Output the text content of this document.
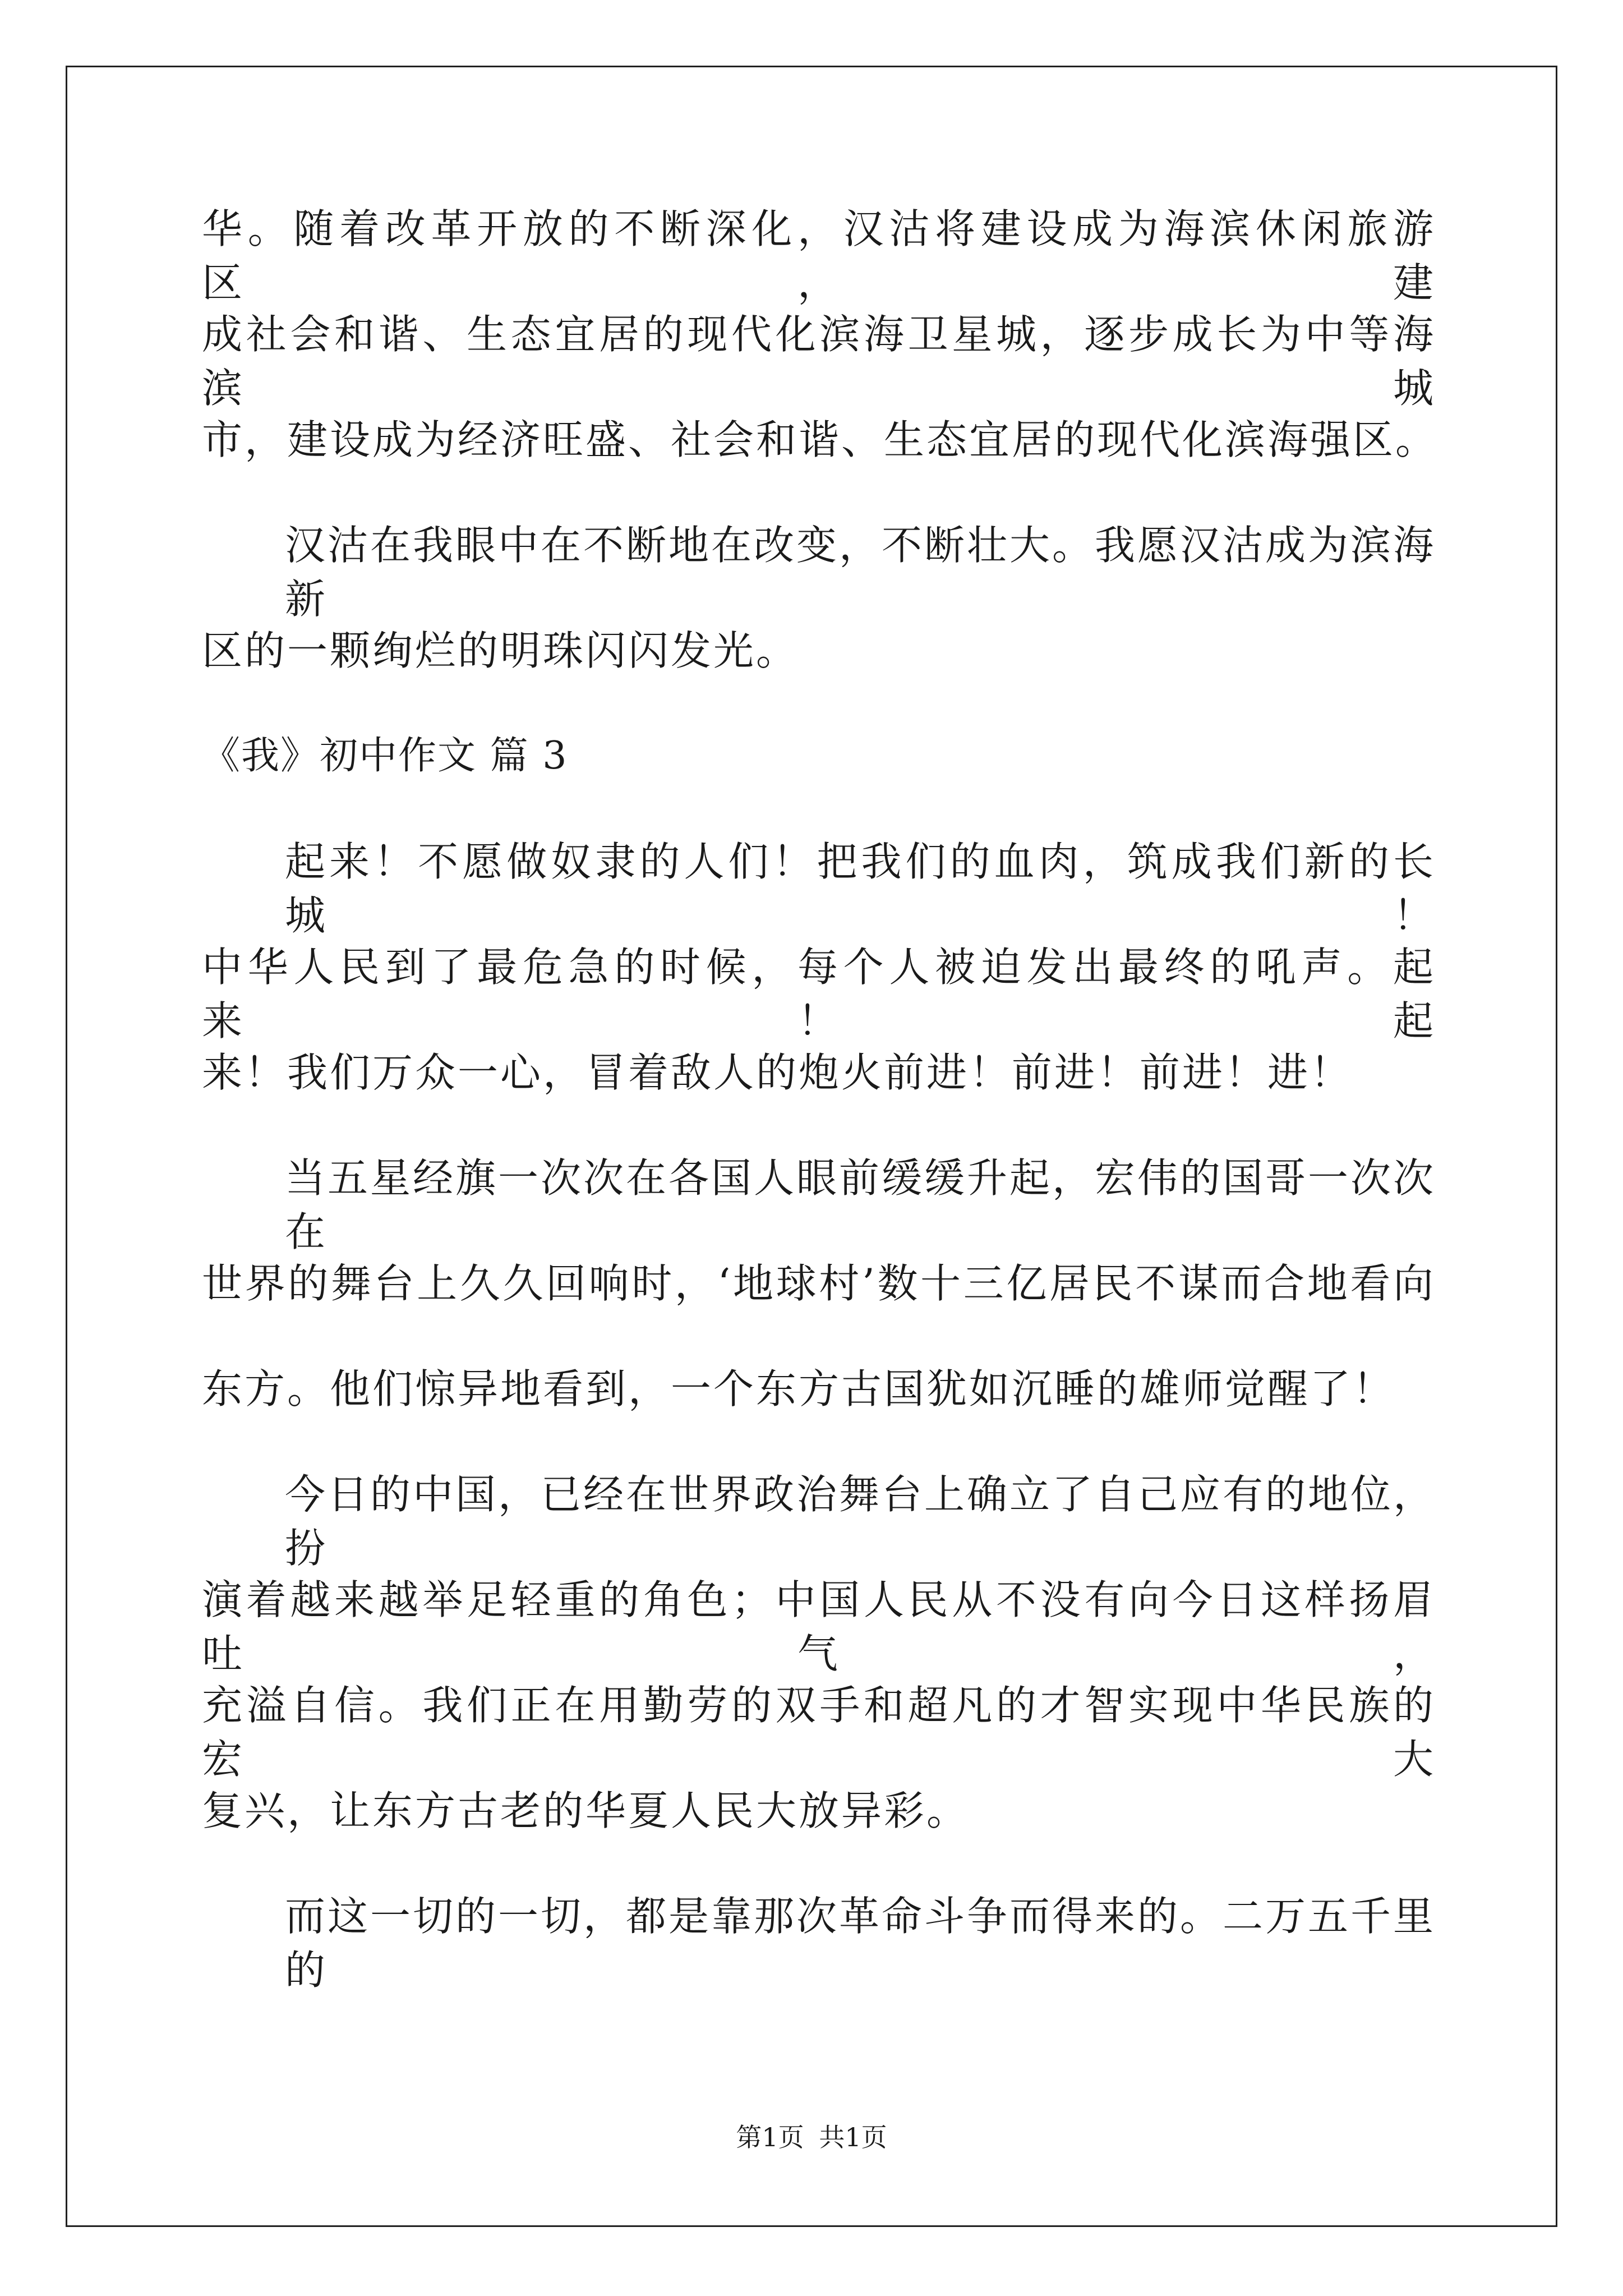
华。随着改革开放的不断深化，汉沽将建设成为海滨休闲旅游区，建
成社会和谐、生态宜居的现代化滨海卫星城，逐步成长为中等海滨城
市，建设成为经济旺盛、社会和谐、生态宜居的现代化滨海强区。
汉沽在我眼中在不断地在改变，不断壮大。我愿汉沽成为滨海新
区的一颗绚烂的明珠闪闪发光。
《我》初中作文 篇 3
起来！不愿做奴隶的人们！把我们的血肉，筑成我们新的长城！
中华人民到了最危急的时候，每个人被迫发出最终的吼声。起来！起
来！我们万众一心，冒着敌人的炮火前进！前进！前进！进！
当五星经旗一次次在各国人眼前缓缓升起，宏伟的国哥一次次在
世界的舞台上久久回响时，‘地球村’数十三亿居民不谋而合地看向
东方。他们惊异地看到，一个东方古国犹如沉睡的雄师觉醒了！
今日的中国，已经在世界政治舞台上确立了自己应有的地位，扮
演着越来越举足轻重的角色；中国人民从不没有向今日这样扬眉吐气，
充溢自信。我们正在用勤劳的双手和超凡的才智实现中华民族的宏大
复兴，让东方古老的华夏人民大放异彩。
而这一切的一切，都是靠那次革命斗争而得来的。二万五千里的
第1页 共1页
